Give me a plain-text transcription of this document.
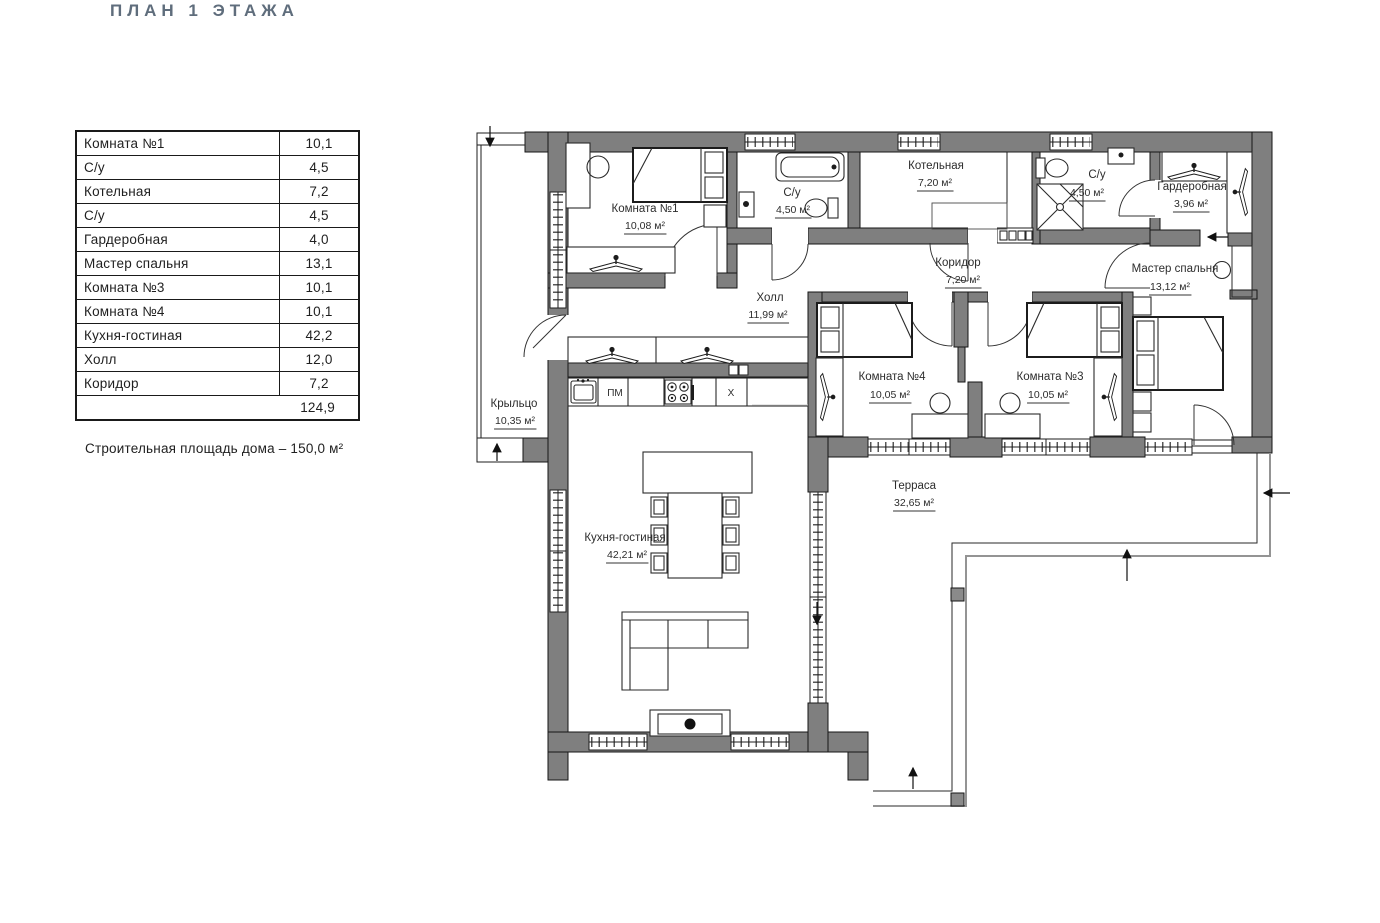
ПЛАН 1 ЭТАЖА
Комната №1	10,1
С/у	4,5
Котельная	7,2
С/у	4,5
Гардеробная	4,0
Мастер спальня	13,1
Комната №3	10,1
Комната №4	10,1
Кухня-гостиная	42,2
Холл	12,0
Коридор	7,2
124,9	
Строительная площадь дома – 150,0 м²
ПМ	Х
Комната №1
10,08 м²
С/у
4,50 м²
Котельная
7,20 м²
С/у
4,50 м²	Гардеробная
3,96 м²
Коридор
7,20 м²
Мастер спальня
13,12 м²
Холл
11,99 м²
Комната №4
10,05 м²
Комната №3
10,05 м²
Кухня-гостиная
42,21 м²
Крыльцо
10,35 м²
Терраса
32,65 м²
